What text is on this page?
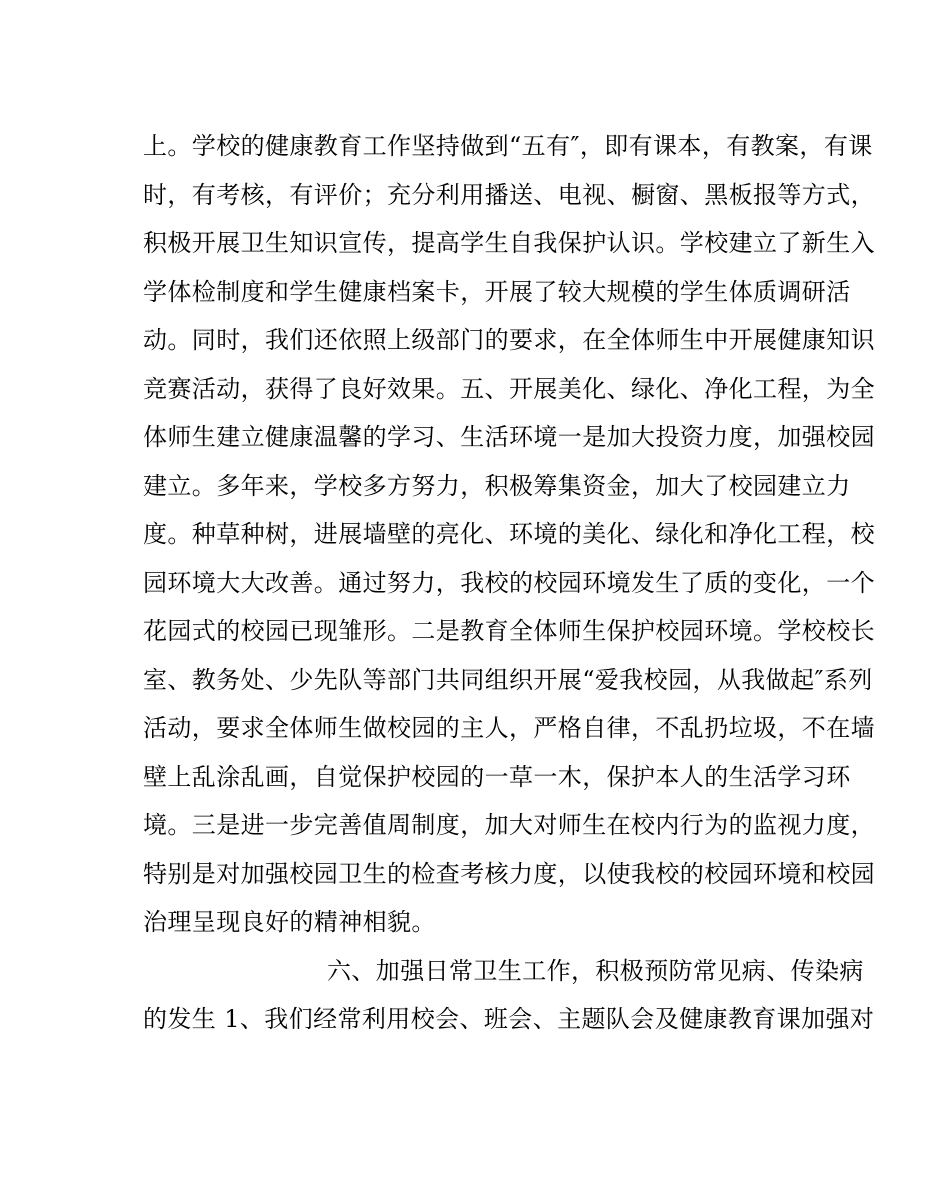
上。学校的健康教育工作坚持做到“五有″，即有课本，有教案，有课
时，有考核，有评价；充分利用播送、电视、橱窗、黑板报等方式，
积极开展卫生知识宣传，提高学生自我保护认识。学校建立了新生入
学体检制度和学生健康档案卡，开展了较大规模的学生体质调研活
动。同时，我们还依照上级部门的要求，在全体师生中开展健康知识
竞赛活动，获得了良好效果。五、开展美化、绿化、净化工程，为全
体师生建立健康温馨的学习、生活环境一是加大投资力度，加强校园
建立。多年来，学校多方努力，积极筹集资金，加大了校园建立力
度。种草种树，进展墙壁的亮化、环境的美化、绿化和净化工程，校
园环境大大改善。通过努力，我校的校园环境发生了质的变化，一个
花园式的校园已现雏形。二是教育全体师生保护校园环境。学校校长
室、教务处、少先队等部门共同组织开展“爱我校园，从我做起″系列
活动，要求全体师生做校园的主人，严格自律，不乱扔垃圾，不在墙
壁上乱涂乱画，自觉保护校园的一草一木，保护本人的生活学习环
境。三是进一步完善值周制度，加大对师生在校内行为的监视力度，
特别是对加强校园卫生的检查考核力度，以使我校的校园环境和校园
治理呈现良好的精神相貌。
六、加强日常卫生工作，积极预防常见病、传染病
的发生 1、我们经常利用校会、班会、主题队会及健康教育课加强对
